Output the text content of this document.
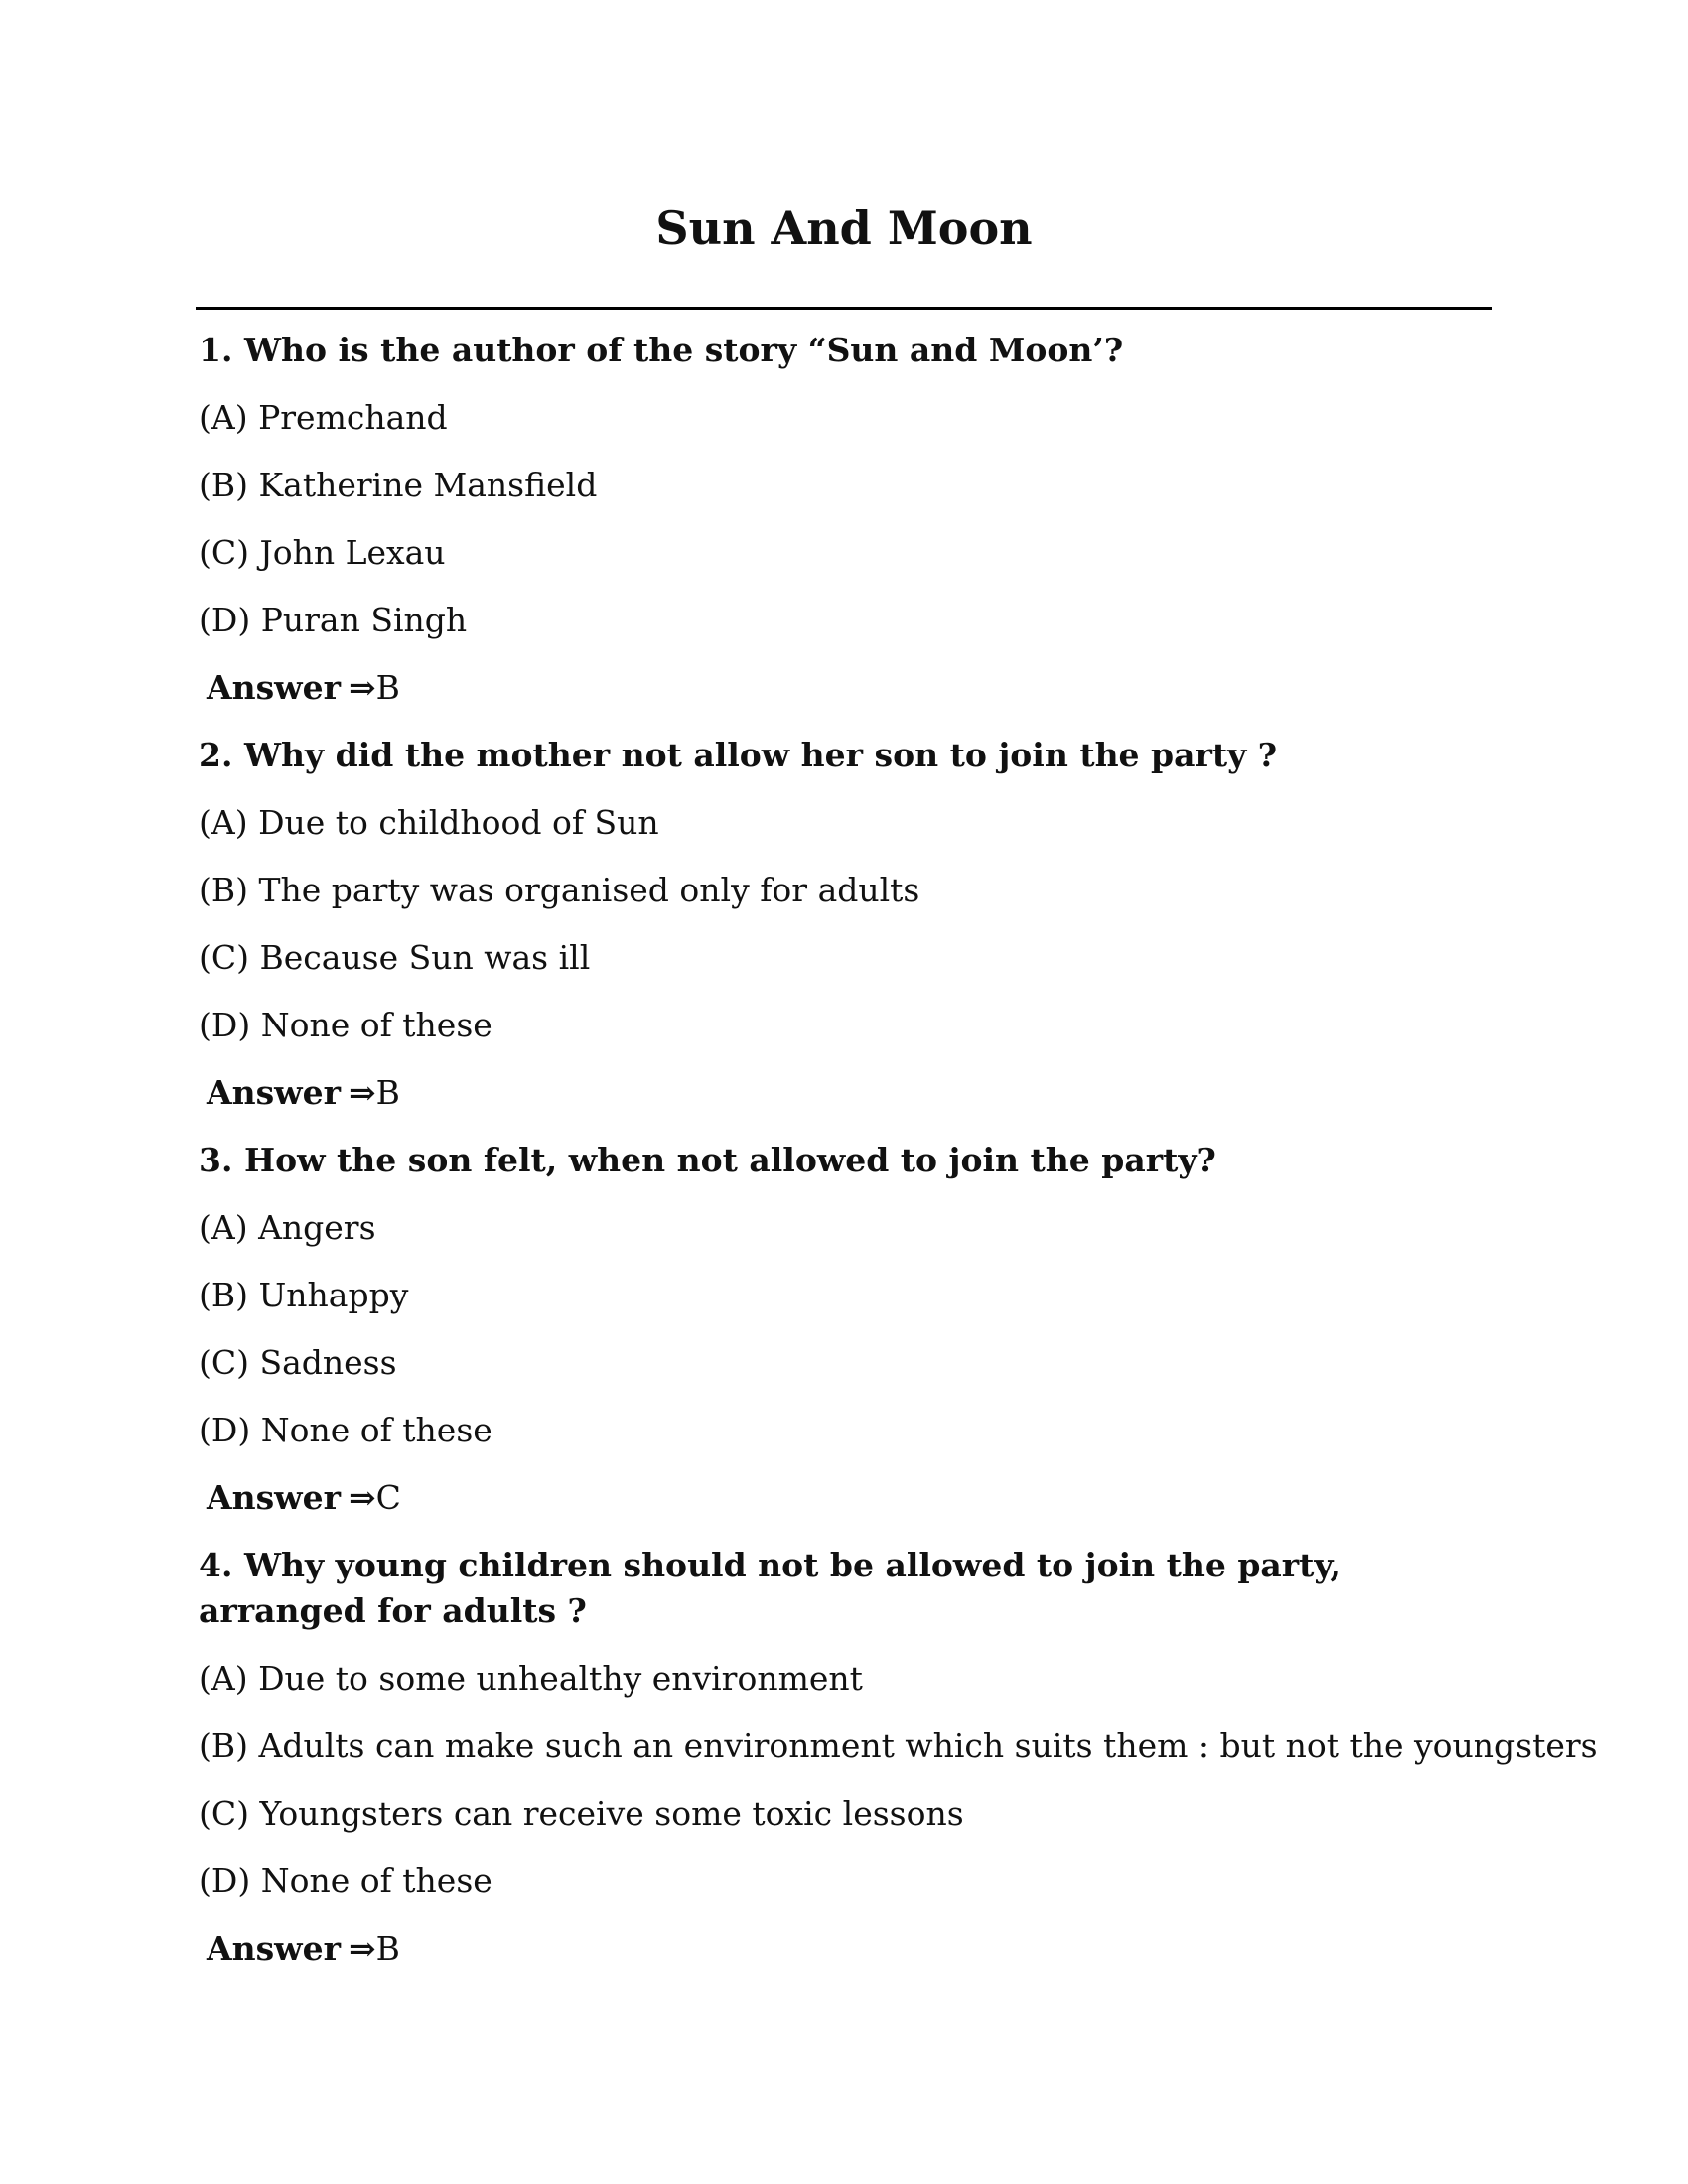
Sun And Moon

1. Who is the author of the story “Sun and Moon’?

(A) Premchand

(B) Katherine Mansfield

(C) John Lexau

(D) Puran Singh

Answer ⇒B

2. Why did the mother not allow her son to join the party ?

(A) Due to childhood of Sun

(B) The party was organised only for adults

(C) Because Sun was ill

(D) None of these

Answer ⇒B

3. How the son felt, when not allowed to join the party?

(A) Angers

(B) Unhappy

(C) Sadness

(D) None of these

Answer ⇒C

4. Why young children should not be allowed to join the party, arranged for adults ?

(A) Due to some unhealthy environment

(B) Adults can make such an environment which suits them : but not the youngsters

(C) Youngsters can receive some toxic lessons

(D) None of these

Answer ⇒B
